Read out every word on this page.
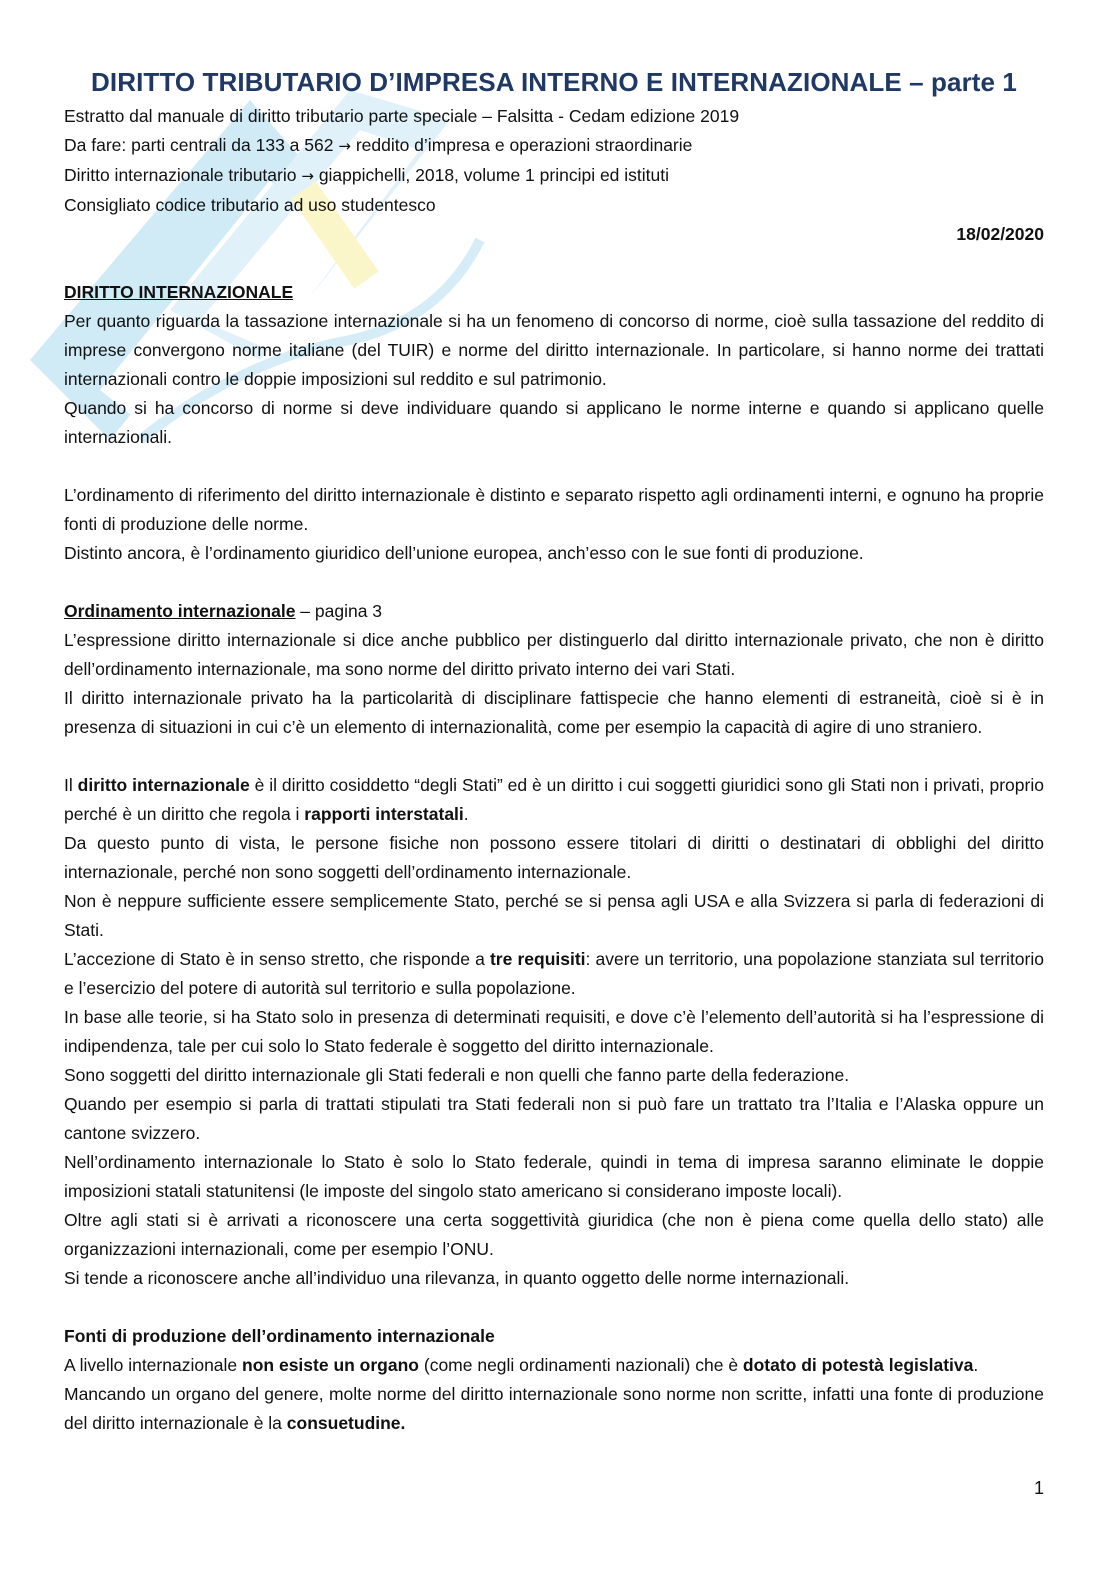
DIRITTO TRIBUTARIO D’IMPRESA INTERNO E INTERNAZIONALE – parte 1

Estratto dal manuale di diritto tributario parte speciale – Falsitta - Cedam edizione 2019

Da fare: parti centrali da 133 a 562 → reddito d’impresa e operazioni straordinarie

Diritto internazionale tributario → giappichelli, 2018, volume 1 principi ed istituti

Consigliato codice tributario ad uso studentesco

18/02/2020

DIRITTO INTERNAZIONALE

Per quanto riguarda la tassazione internazionale si ha un fenomeno di concorso di norme, cioè sulla tassazione del reddito di imprese convergono norme italiane (del TUIR) e norme del diritto internazionale. In particolare, si hanno norme dei trattati internazionali contro le doppie imposizioni sul reddito e sul patrimonio.

Quando si ha concorso di norme si deve individuare quando si applicano le norme interne e quando si applicano quelle internazionali.

L’ordinamento di riferimento del diritto internazionale è distinto e separato rispetto agli ordinamenti interni, e ognuno ha proprie fonti di produzione delle norme.

Distinto ancora, è l’ordinamento giuridico dell’unione europea, anch’esso con le sue fonti di produzione.

Ordinamento internazionale – pagina 3

L’espressione diritto internazionale si dice anche pubblico per distinguerlo dal diritto internazionale privato, che non è diritto dell’ordinamento internazionale, ma sono norme del diritto privato interno dei vari Stati.

Il diritto internazionale privato ha la particolarità di disciplinare fattispecie che hanno elementi di estraneità, cioè si è in presenza di situazioni in cui c’è un elemento di internazionalità, come per esempio la capacità di agire di uno straniero.

Il diritto internazionale è il diritto cosiddetto “degli Stati” ed è un diritto i cui soggetti giuridici sono gli Stati non i privati, proprio perché è un diritto che regola i rapporti interstatali.

Da questo punto di vista, le persone fisiche non possono essere titolari di diritti o destinatari di obblighi del diritto internazionale, perché non sono soggetti dell’ordinamento internazionale.

Non è neppure sufficiente essere semplicemente Stato, perché se si pensa agli USA e alla Svizzera si parla di federazioni di Stati.

L’accezione di Stato è in senso stretto, che risponde a tre requisiti: avere un territorio, una popolazione stanziata sul territorio e l’esercizio del potere di autorità sul territorio e sulla popolazione.

In base alle teorie, si ha Stato solo in presenza di determinati requisiti, e dove c’è l’elemento dell’autorità si ha l’espressione di indipendenza, tale per cui solo lo Stato federale è soggetto del diritto internazionale.

Sono soggetti del diritto internazionale gli Stati federali e non quelli che fanno parte della federazione.

Quando per esempio si parla di trattati stipulati tra Stati federali non si può fare un trattato tra l’Italia e l’Alaska oppure un cantone svizzero.

Nell’ordinamento internazionale lo Stato è solo lo Stato federale, quindi in tema di impresa saranno eliminate le doppie imposizioni statali statunitensi (le imposte del singolo stato americano si considerano imposte locali).

Oltre agli stati si è arrivati a riconoscere una certa soggettività giuridica (che non è piena come quella dello stato) alle organizzazioni internazionali, come per esempio l’ONU.

Si tende a riconoscere anche all’individuo una rilevanza, in quanto oggetto delle norme internazionali.

Fonti di produzione dell’ordinamento internazionale

A livello internazionale non esiste un organo (come negli ordinamenti nazionali) che è dotato di potestà legislativa.

Mancando un organo del genere, molte norme del diritto internazionale sono norme non scritte, infatti una fonte di produzione del diritto internazionale è la consuetudine.

1
